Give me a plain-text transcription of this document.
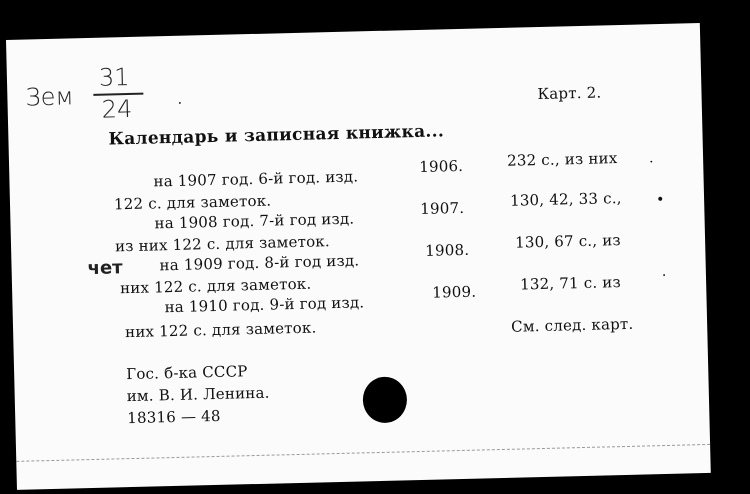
Зем
31
24	·
Карт. 2.
Календарь и записная книжка...
на 1907 год. 6-й год. изд.
122 с. для заметок.
1906.	232 с., из них .
на 1908 год. 7-й год изд.
из них 122 с. для заметок.
1907.	130, 42, 33 с., •
чет на 1909 год. 8-й год изд.
них 122 с. для заметок.
1908.	130, 67 с., из
на 1910 год. 9-й год изд.
них 122 с. для заметок.
1909.	132, 71 с. из	·
См. след. карт.
Гос. б-ка СССР
им. В. И. Ленина.
18316 — 48
